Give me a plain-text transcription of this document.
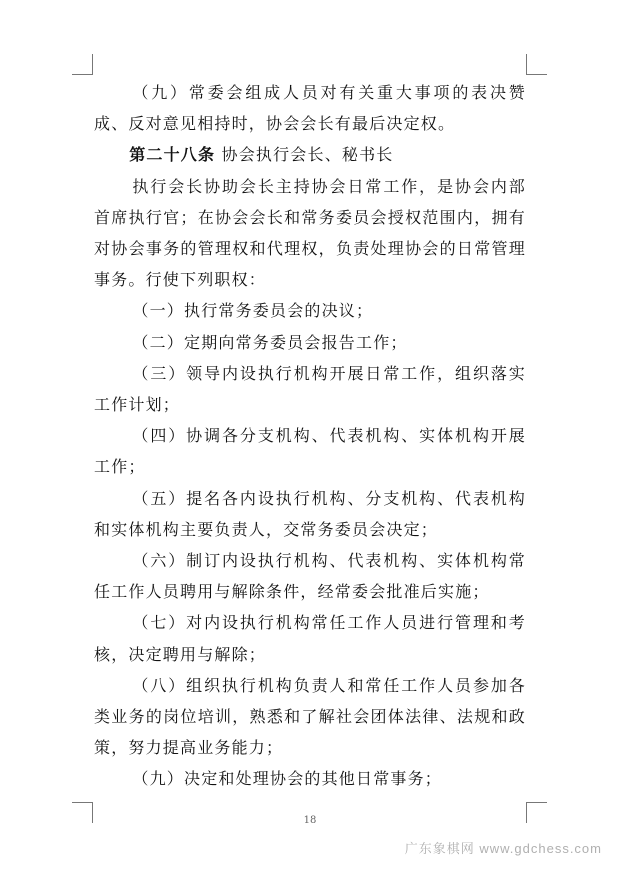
（九）常委会组成人员对有关重大事项的表决赞成、反对意见相持时，协会会长有最后决定权。

第二十八条 协会执行会长、秘书长

执行会长协助会长主持协会日常工作，是协会内部首席执行官；在协会会长和常务委员会授权范围内，拥有对协会事务的管理权和代理权，负责处理协会的日常管理事务。行使下列职权：

（一）执行常务委员会的决议；

（二）定期向常务委员会报告工作；

（三）领导内设执行机构开展日常工作，组织落实工作计划；

（四）协调各分支机构、代表机构、实体机构开展工作；

（五）提名各内设执行机构、分支机构、代表机构和实体机构主要负责人，交常务委员会决定；

（六）制订内设执行机构、代表机构、实体机构常任工作人员聘用与解除条件，经常委会批准后实施；

（七）对内设执行机构常任工作人员进行管理和考核，决定聘用与解除；

（八）组织执行机构负责人和常任工作人员参加各类业务的岗位培训，熟悉和了解社会团体法律、法规和政策，努力提高业务能力；

（九）决定和处理协会的其他日常事务；

18
广东象棋网 www.gdchess.com
